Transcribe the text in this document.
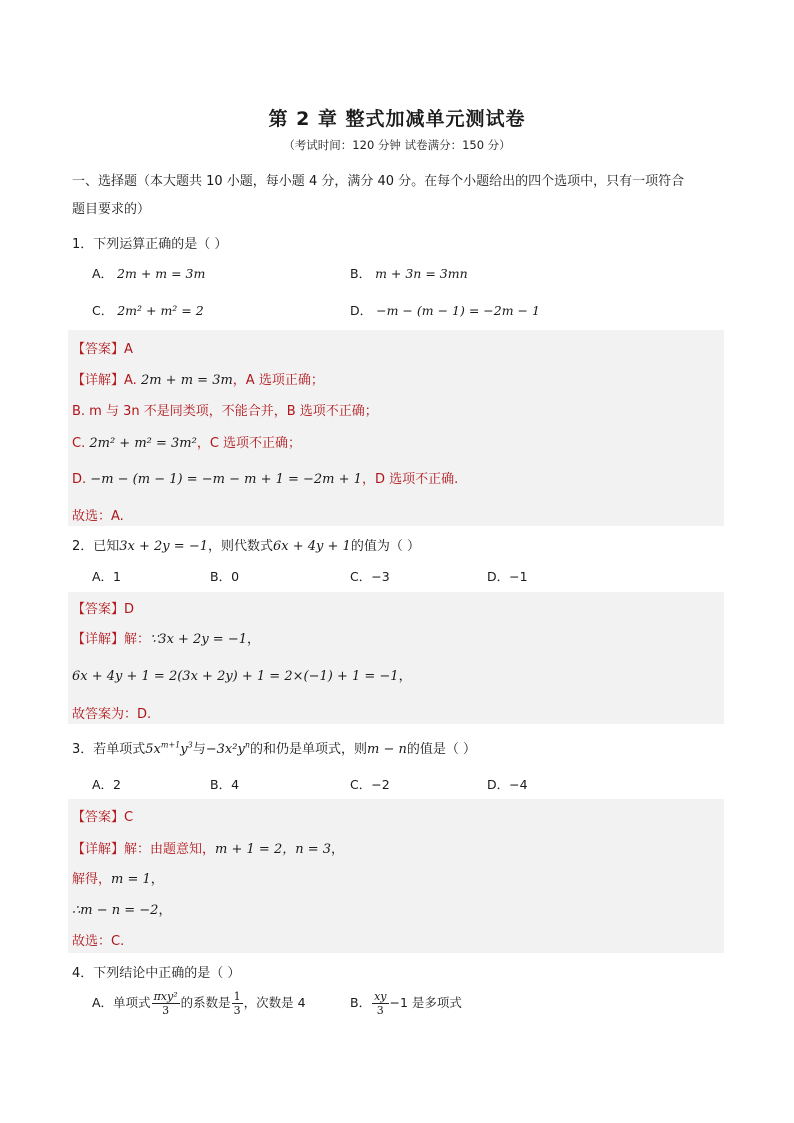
第 2 章 整式加减单元测试卷
（考试时间：120 分钟 试卷满分：150 分）
一、选择题（本大题共 10 小题，每小题 4 分，满分 40 分。在每个小题给出的四个选项中，只有一项符合
题目要求的）
1．下列运算正确的是（ ）
A． 2m + m = 3m	B． m + 3n = 3mn
C． 2m² + m² = 2	D． −m − (m − 1) = −2m − 1
【答案】A
【详解】A. 2m + m = 3m，A 选项正确；
B. m 与 3n 不是同类项，不能合并，B 选项不正确；
C. 2m² + m² = 3m²，C 选项不正确；
D. −m − (m − 1) = −m − m + 1 = −2m + 1，D 选项不正确.
故选：A.
2．已知3x + 2y = −1，则代数式6x + 4y + 1的值为（ ）
A．1	B．0	C．−3	D．−1
【答案】D
【详解】解：∵3x + 2y = −1，
6x + 4y + 1 = 2(3x + 2y) + 1 = 2×(−1) + 1 = −1，
故答案为：D.
3．若单项式$5x^{m+1}y^3$与$-3x^2y^n$的和仍是单项式，则m − n的值是（ ）
A．2	B．4	C．−2	D．−4
【答案】C
【详解】解：由题意知，m + 1 = 2，n = 3，
解得，m = 1，
∴m − n = −2，
故选：C.
4．下列结论中正确的是（ ）
A．单项式 $\frac{\text{πxy²}}{3}$ 的系数是 $\frac{1}{3}$ ，次数是 4	B． $\frac{xy}{3} -1$ 是多项式
